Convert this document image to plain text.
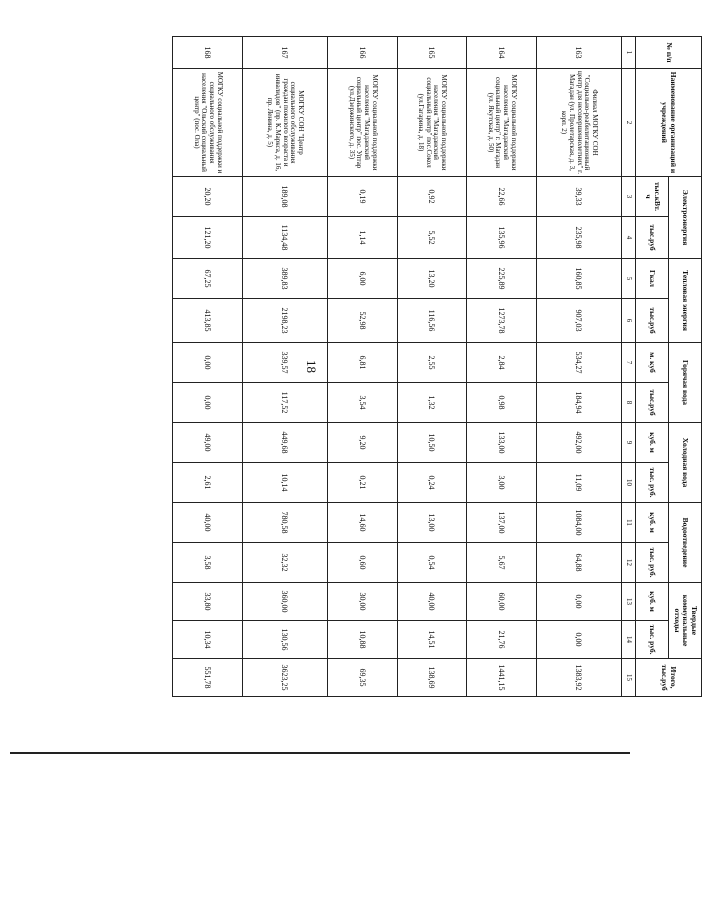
18
№ п/п	Наименование организаций и учреждений	Электроэнергия		Тепловая энергия		Горячая вода		Холодная вода		Водоотведение		Твердые коммунальные отходы		Итого, тыс.руб
		тыс.кВт. ч	тыс.руб	Гкал	тыс.руб	м. куб	тыс.руб	куб. м	тыс. руб.	куб. м	тыс. руб.	куб. м	тыс. руб.	
1	2	3	4	5	6	7	8	9	10	11	12	13	14	15
163	Филиал МОГКУ СОН "Социально-реабилитационный центр для несовершеннолетних" г. Магадан (ул. Пролетарская, д. 3, корп. 2)	39,33	235,98	160,85	907,03	534,27	184,94	492,00	11,09	1084,00	64,88	0,00	0,00	1383,92
164	МОГКУ социальной поддержки населения "Магаданский социальный центр" г. Магадан (ул. Якутская, д. 50)	22,66	135,96	225,89	1273,78	2,84	0,98	133,00	3,00	137,00	5,67	60,00	21,76	1441,15
165	МОГКУ социальной поддержки населения "Магаданский социальный центр" пос.Сокол (ул.Гагарина, д. 18)	0,92	5,52	13,20	116,56	2,55	1,32	10,50	0,24	13,00	0,54	40,00	14,51	138,69
166	МОГКУ социальной поддержки населения "Магаданский социальный центр" пос. Уптар (ул.Дзержинского, д. 35)	0,19	1,14	6,00	52,98	6,81	3,54	9,20	0,21	14,60	0,60	30,00	10,88	69,35
167	МОГКУ СОН "Центр социального обслуживания граждан пожилого возраста и инвалидов" (пр. К.Маркса, д. 16, пр. Ленина, д. 5)	189,08	1134,48	389,83	2198,23	339,57	117,52	449,68	10,14	780,58	32,32	360,00	130,56	3623,25
168	МОГКУ социальной поддержки и социального обслуживания населения "Ольский социальный центр" (пос. Ола)	20,20	121,20	67,25	413,85	0,00	0,00	49,00	2,61	40,00	3,58	33,80	10,34	551,78
